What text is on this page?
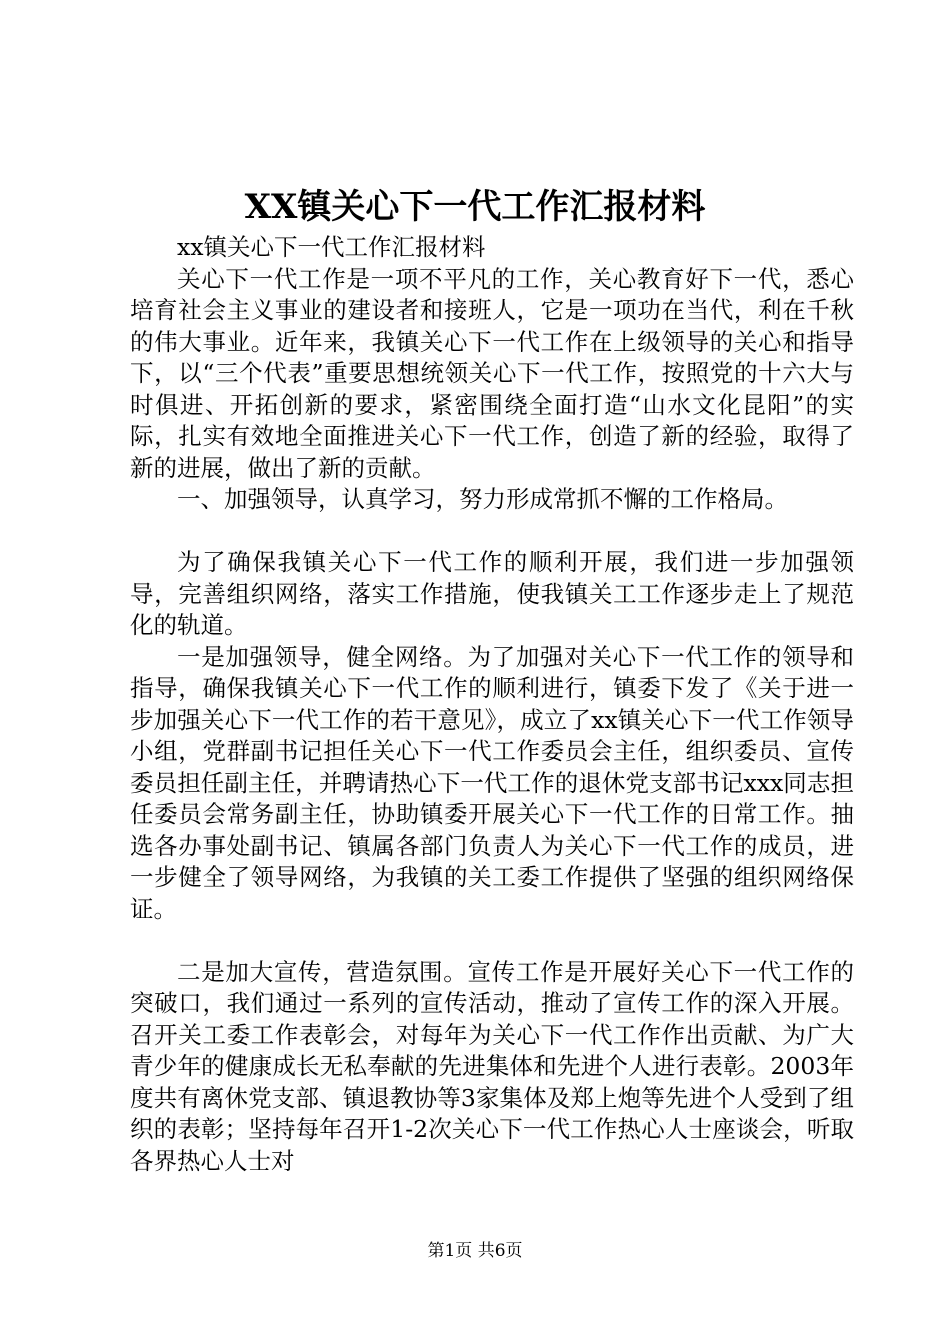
XX镇关心下一代工作汇报材料

xx镇关心下一代工作汇报材料

关心下一代工作是一项不平凡的工作，关心教育好下一代，悉心培育社会主义事业的建设者和接班人，它是一项功在当代，利在千秋的伟大事业。近年来，我镇关心下一代工作在上级领导的关心和指导下，以“三个代表”重要思想统领关心下一代工作，按照党的十六大与时俱进、开拓创新的要求，紧密围绕全面打造“山水文化昆阳”的实际，扎实有效地全面推进关心下一代工作，创造了新的经验，取得了新的进展，做出了新的贡献。

一、加强领导，认真学习，努力形成常抓不懈的工作格局。

为了确保我镇关心下一代工作的顺利开展，我们进一步加强领导，完善组织网络，落实工作措施，使我镇关工工作逐步走上了规范化的轨道。

一是加强领导，健全网络。为了加强对关心下一代工作的领导和指导，确保我镇关心下一代工作的顺利进行，镇委下发了《关于进一步加强关心下一代工作的若干意见》，成立了xx镇关心下一代工作领导小组，党群副书记担任关心下一代工作委员会主任，组织委员、宣传委员担任副主任，并聘请热心下一代工作的退休党支部书记xxx同志担任委员会常务副主任，协助镇委开展关心下一代工作的日常工作。抽选各办事处副书记、镇属各部门负责人为关心下一代工作的成员，进一步健全了领导网络，为我镇的关工委工作提供了坚强的组织网络保证。

二是加大宣传，营造氛围。宣传工作是开展好关心下一代工作的突破口，我们通过一系列的宣传活动，推动了宣传工作的深入开展。召开关工委工作表彰会，对每年为关心下一代工作作出贡献、为广大青少年的健康成长无私奉献的先进集体和先进个人进行表彰。2003年度共有离休党支部、镇退教协等3家集体及郑上炮等先进个人受到了组织的表彰；坚持每年召开1-2次关心下一代工作热心人士座谈会，听取各界热心人士对

第1页 共6页
